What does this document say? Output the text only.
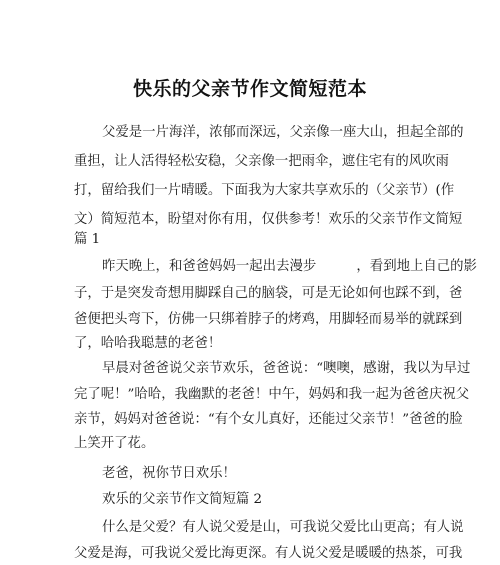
快乐的父亲节作文简短范本
父爱是一片海洋，浓郁而深远，父亲像一座大山，担起全部的
重担，让人活得轻松安稳，父亲像一把雨伞，遮住宅有的风吹雨
打，留给我们一片晴暖。下面我为大家共享欢乐的（父亲节）(作
文）简短范本，盼望对你有用，仅供参考！欢乐的父亲节作文简短
篇 1
昨天晚上，和爸爸妈妈一起出去漫步　　　，看到地上自己的影
子，于是突发奇想用脚踩自己的脑袋，可是无论如何也踩不到，爸
爸便把头弯下，仿佛一只绑着脖子的烤鸡，用脚轻而易举的就踩到
了，哈哈我聪慧的老爸！
早晨对爸爸说父亲节欢乐，爸爸说：“噢噢，感谢，我以为早过
完了呢！”哈哈，我幽默的老爸！中午，妈妈和我一起为爸爸庆祝父
亲节，妈妈对爸爸说：“有个女儿真好，还能过父亲节！”爸爸的脸
上笑开了花。
老爸，祝你节日欢乐！
欢乐的父亲节作文简短篇 2
什么是父爱？有人说父爱是山，可我说父爱比山更高；有人说
父爱是海，可我说父爱比海更深。有人说父爱是暖暖的热茶，可我
